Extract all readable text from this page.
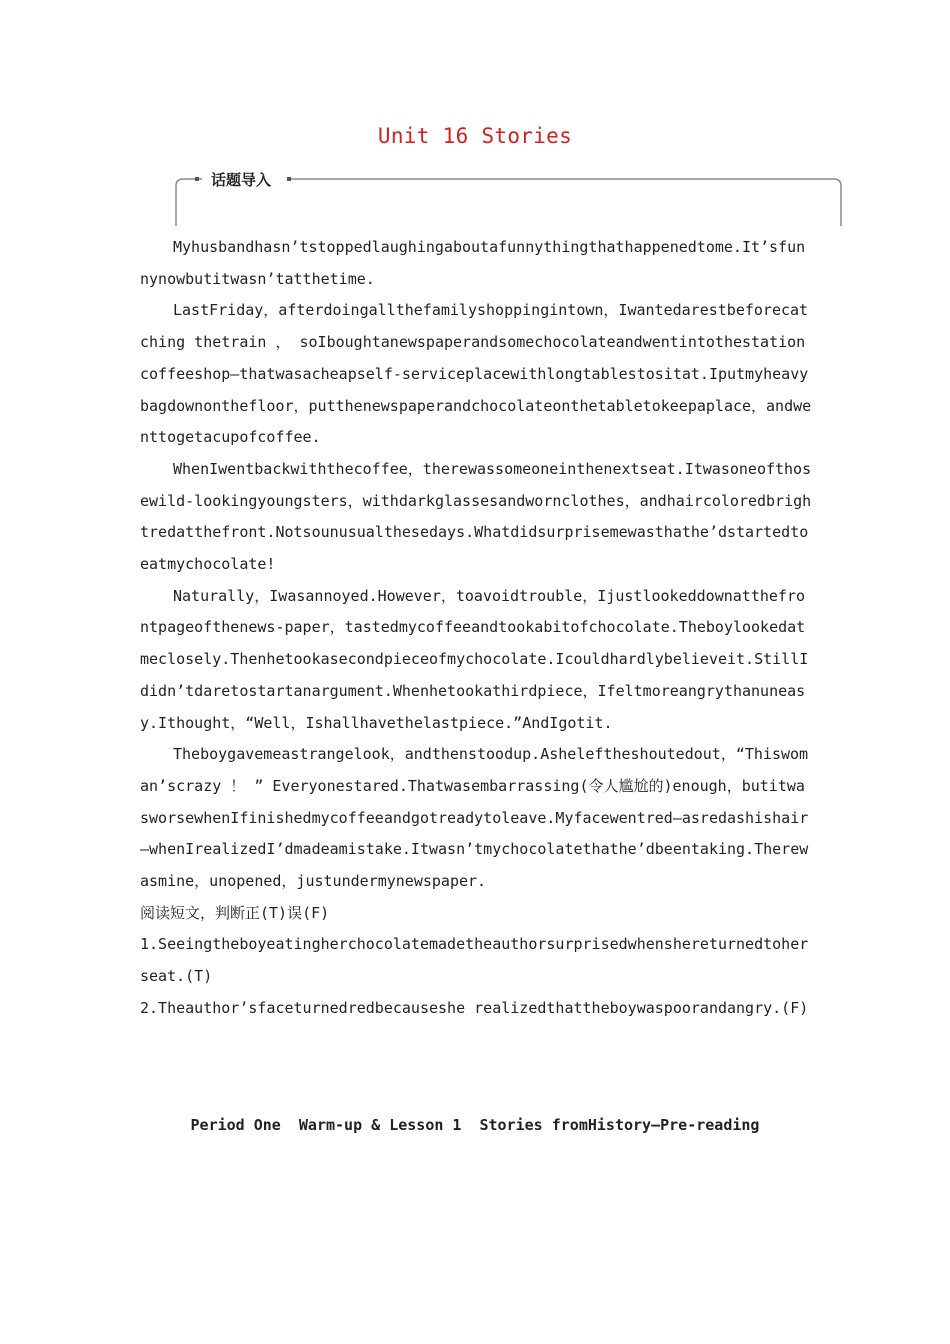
Unit 16 Stories
话题导入

Myhusbandhasn’tstoppedlaughingaboutafunnythingthathappenedtome.It’sfunnynowbutitwasn’tatthetime.

LastFriday，afterdoingallthefamilyshoppingintown，Iwantedarestbeforecatching thetrain ， soIboughtanewspaperandsomechocolateandwentintothestationcoffeeshop—thatwasacheapself-serviceplacewithlongtablestositat.Iputmyheavybagdownonthefloor，putthenewspaperandchocolateonthetabletokeepaplace，andwenttogetacupofcoffee.

WhenIwentbackwiththecoffee，therewassomeoneinthenextseat.Itwasoneofthosewild-lookingyoungsters，withdarkglassesandwornclothes，andhaircoloredbrightredatthefront.Notsounusualthesedays.Whatdidsurprisemewasthathe’dstartedtoeatmychocolate!

Naturally，Iwasannoyed.However，toavoidtrouble，Ijustlookeddownatthefrontpageofthenews-paper，tastedmycoffeeandtookabitofchocolate.Theboylookedatmeclosely.Thenhetookasecondpieceofmychocolate.Icouldhardlybelieveit.StillIdidn’tdaretostartanargument.Whenhetookathirdpiece，Ifeltmoreangrythanuneasy.Ithought，“Well，Ishallhavethelastpiece.”AndIgotit.

Theboygavemeastrangelook，andthenstoodup.Asheleftheshoutedout，“Thiswoman’scrazy ！ ” Everyonestared.Thatwasembarrassing(令人尴尬的)enough，butitwasworsewhenIfinishedmycoffeeandgotreadytoleave.Myfacewentred—asredashishair—whenIrealizedI’dmadeamistake.Itwasn’tmychocolatethathe’dbeentaking.Therewasmine，unopened，justundermynewspaper.

阅读短文，判断正(T)误(F)

1.Seeingtheboyeatingherchocolatemadetheauthorsurprisedwhenshereturnedtoherseat.(T)

2.Theauthor’sfaceturnedredbecauseshe realizedthattheboywaspoorandangry.(F)

Period One  Warm-up & Lesson 1  Stories fromHistory—Pre-reading
